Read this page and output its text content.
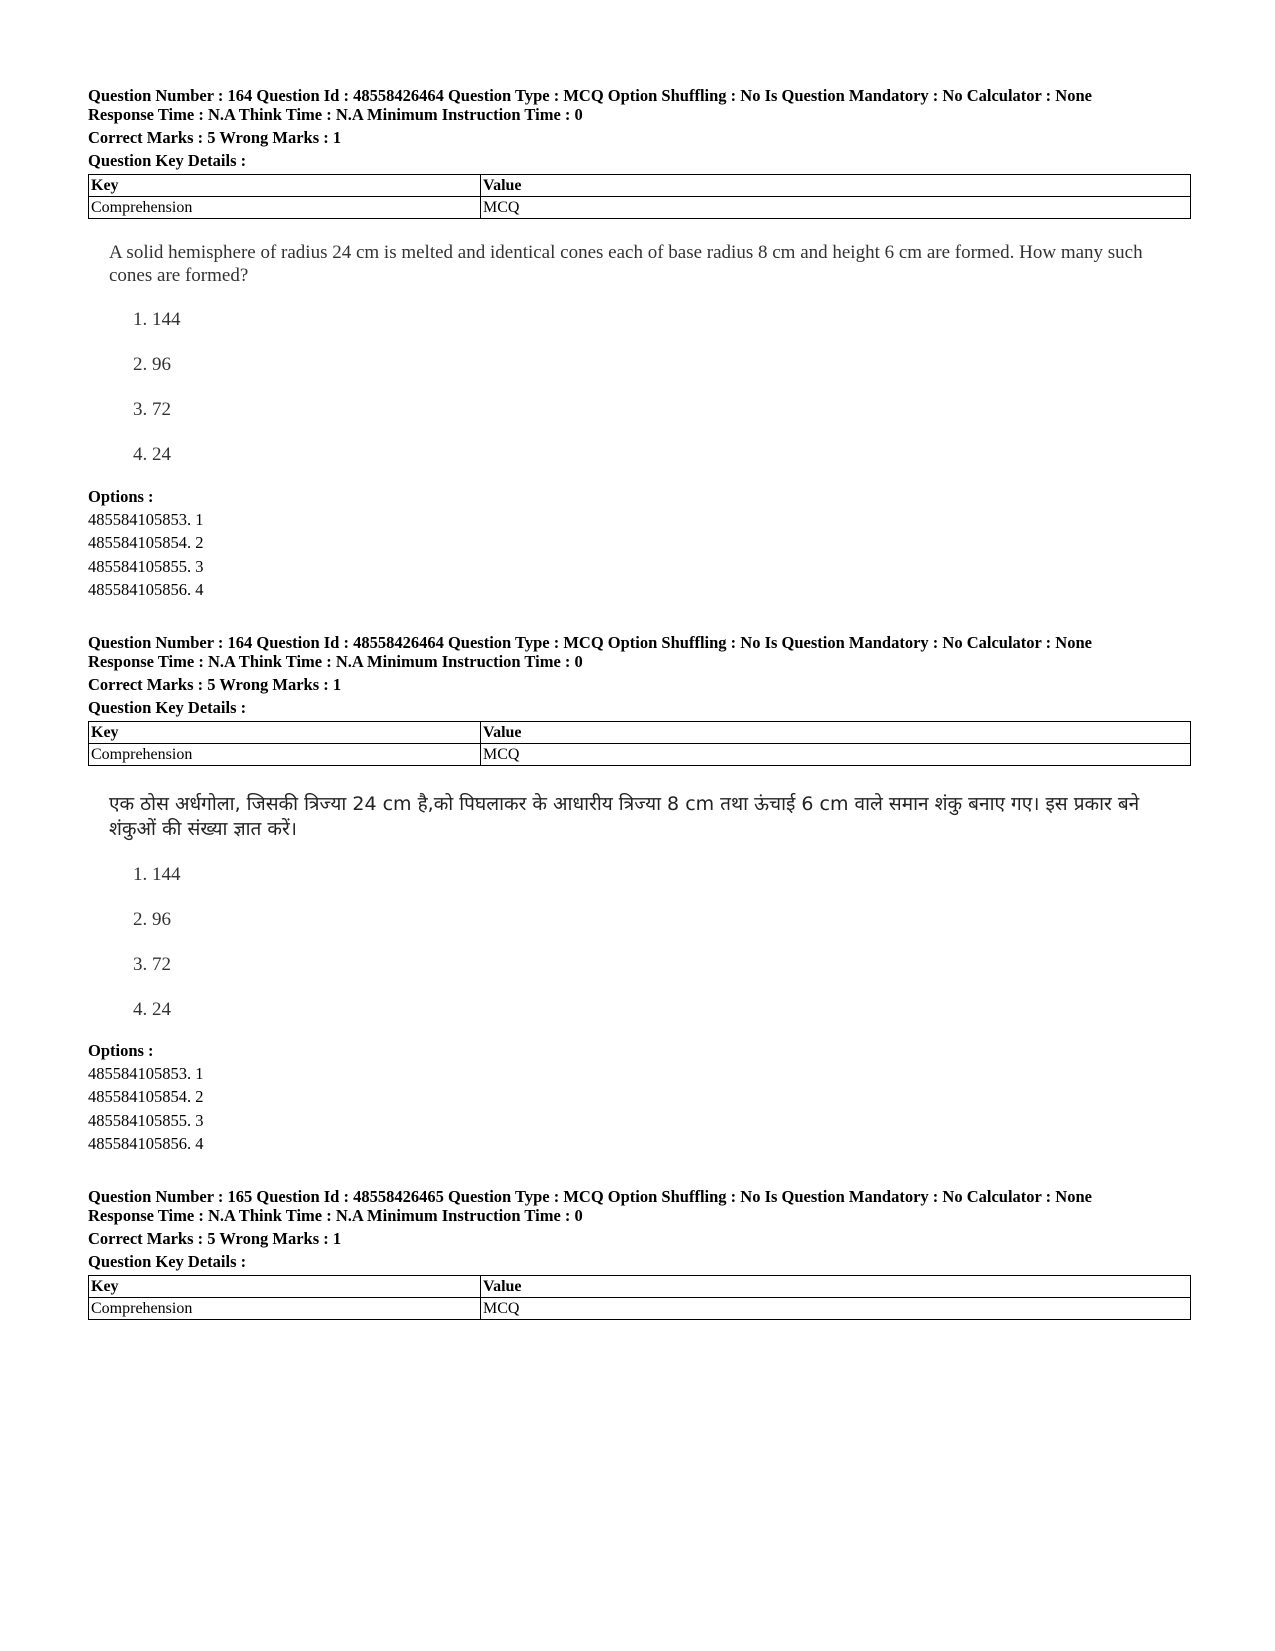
Question Number : 164 Question Id : 48558426464 Question Type : MCQ Option Shuffling : No Is Question Mandatory : No Calculator : None
Response Time : N.A Think Time : N.A Minimum Instruction Time : 0
Correct Marks : 5 Wrong Marks : 1
Question Key Details :
Key	Value
Comprehension	MCQ
A solid hemisphere of radius 24 cm is melted and identical cones each of base radius 8 cm and height 6 cm are formed. How many such cones are formed?
1. 144
2. 96
3. 72
4. 24
Options :
485584105853. 1
485584105854. 2
485584105855. 3
485584105856. 4
Question Number : 164 Question Id : 48558426464 Question Type : MCQ Option Shuffling : No Is Question Mandatory : No Calculator : None
Response Time : N.A Think Time : N.A Minimum Instruction Time : 0
Correct Marks : 5 Wrong Marks : 1
Question Key Details :
Key	Value
Comprehension	MCQ
एक ठोस अर्धगोला, जिसकी त्रिज्या 24 cm है,को पिघलाकर के आधारीय त्रिज्या 8 cm तथा ऊंचाई 6 cm वाले समान शंकु बनाए गए। इस प्रकार बने शंकुओं की संख्या ज्ञात करें।
1. 144
2. 96
3. 72
4. 24
Options :
485584105853. 1
485584105854. 2
485584105855. 3
485584105856. 4
Question Number : 165 Question Id : 48558426465 Question Type : MCQ Option Shuffling : No Is Question Mandatory : No Calculator : None
Response Time : N.A Think Time : N.A Minimum Instruction Time : 0
Correct Marks : 5 Wrong Marks : 1
Question Key Details :
Key	Value
Comprehension	MCQ
